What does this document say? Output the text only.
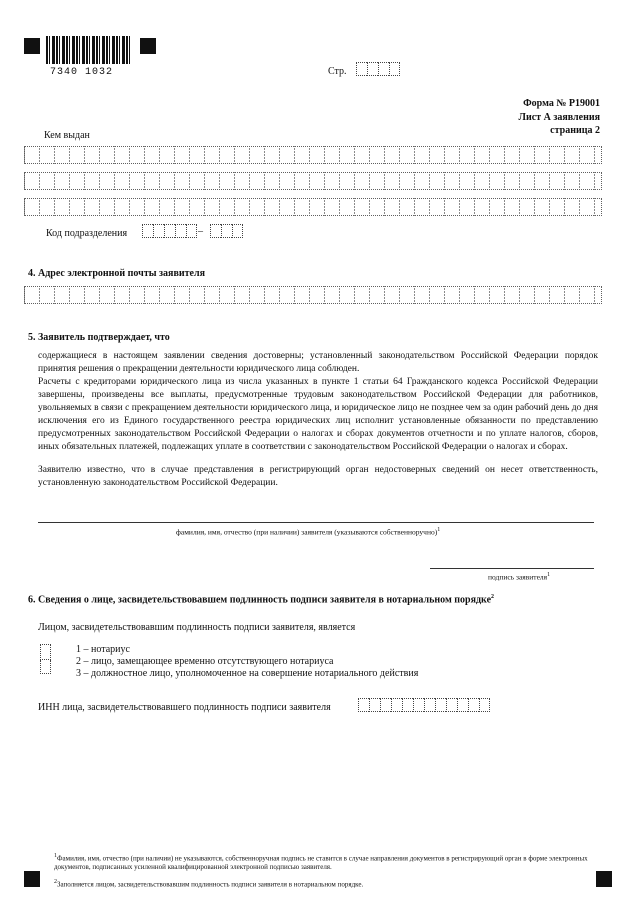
7340 1032	Стр.
Форма № Р19001
Лист А заявления
страница 2
Кем выдан
Код подразделения	–
4. Адрес электронной почты заявителя
5. Заявитель подтверждает, что

содержащиеся в настоящем заявлении сведения достоверны; установленный законодательством Российской Федерации порядок принятия решения о прекращении деятельности юридического лица соблюден.

Расчеты с кредиторами юридического лица из числа указанных в пункте 1 статьи 64 Гражданского кодекса Российской Федерации завершены, произведены все выплаты, предусмотренные трудовым законодательством Российской Федерации для работников, увольняемых в связи с прекращением деятельности юридического лица, и юридическое лицо не позднее чем за один рабочий день до дня исключения его из Единого государственного реестра юридических лиц исполнит установленные обязанности по представлению предусмотренных законодательством Российской Федерации о налогах и сборах документов отчетности и по уплате налогов, сборов, иных обязательных платежей, подлежащих уплате в соответствии с законодательством Российской Федерации о налогах и сборах.

Заявителю известно, что в случае представления в регистрирующий орган недостоверных сведений он несет ответственность, установленную законодательством Российской Федерации.

фамилия, имя, отчество (при наличии) заявителя (указываются собственноручно)$^1$
подпись заявителя$^1$
6. Сведения о лице, засвидетельствовавшем подлинность подписи заявителя в нотариальном порядке$^2$
Лицом, засвидетельствовавшим подлинность подписи заявителя, является
1 – нотариус
2 – лицо, замещающее временно отсутствующего нотариуса
3 – должностное лицо, уполномоченное на совершение нотариального действия
ИНН лица, засвидетельствовавшего подлинность подписи заявителя
$^1$Фамилия, имя, отчество (при наличии) не указываются, собственноручная подпись не ставится в случае направления документов в регистрирующий орган в форме электронных документов, подписанных усиленной квалифицированной электронной подписью заявителя.
$^2$Заполняется лицом, засвидетельствовавшим подлинность подписи заявителя в нотариальном порядке.
